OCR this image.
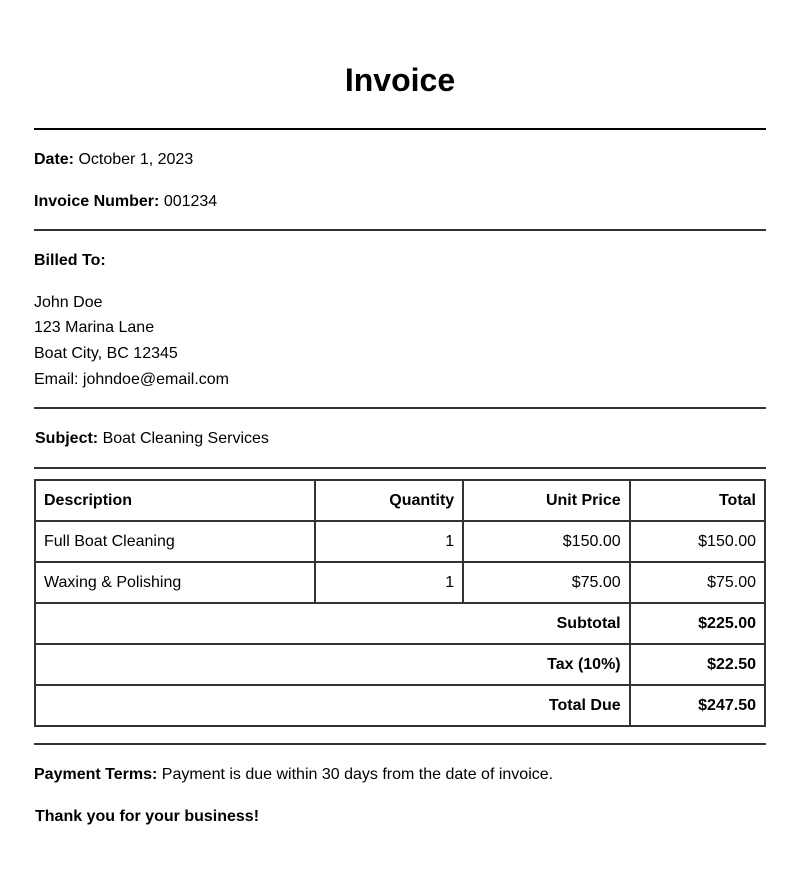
Invoice

Date: October 1, 2023

Invoice Number: 001234

Billed To:

John Doe

123 Marina Lane

Boat City, BC 12345

Email: johndoe@email.com

Subject: Boat Cleaning Services

Description	Quantity	Unit Price	Total
Full Boat Cleaning	1	$150.00	$150.00
Waxing & Polishing	1	$75.00	$75.00
Subtotal			$225.00
Tax (10%)			$22.50
Total Due			$247.50

Payment Terms: Payment is due within 30 days from the date of invoice.

Thank you for your business!
